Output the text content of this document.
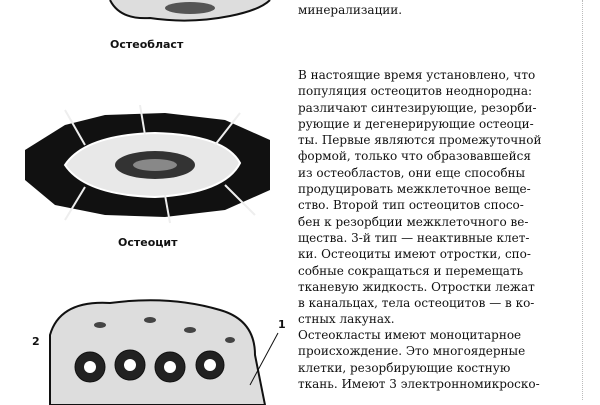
Остеобласт
Остеоцит
2
1
минерализации.
В настоящие время установлено, что
популяция остеоцитов неоднородна:
различают синтезирующие, резорби-
рующие и дегенерирующие остеоци-
ты. Первые являются промежуточной
формой, только что образовавшейся
из остеобластов, они еще способны
продуцировать межклеточное веще-
ство. Второй тип остеоцитов спосо-
бен к резорбции межклеточного ве-
щества. 3-й тип — неактивные клет-
ки. Остеоциты имеют отростки, спо-
собные сокращаться и перемещать
тканевую жидкость. Отростки лежат
в канальцах, тела остеоцитов — в ко-
стных лакунах.
Остеокласты имеют моноцитарное
происхождение. Это многоядерные
клетки, резорбирующие костную
ткань. Имеют 3 электронномикроско-
